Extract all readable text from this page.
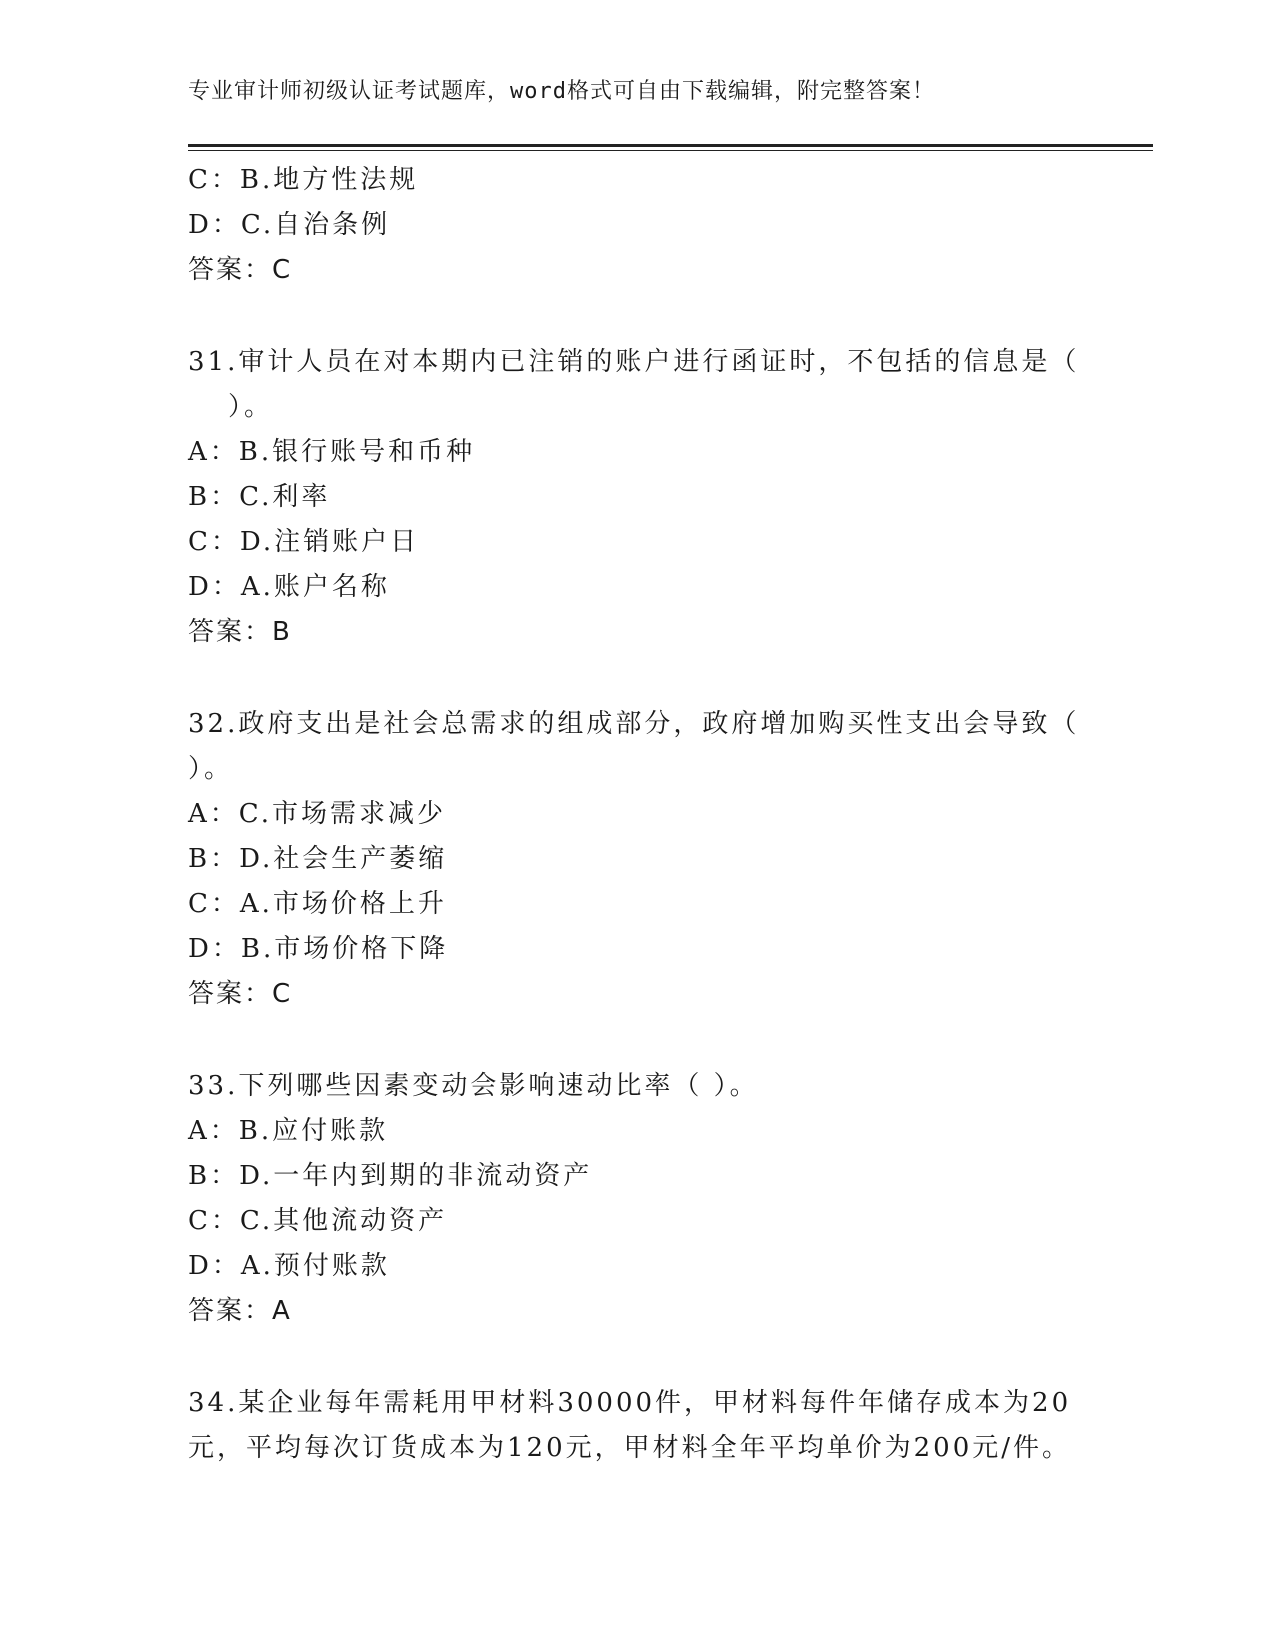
专业审计师初级认证考试题库，word格式可自由下载编辑，附完整答案！
C：B.地方性法规
D：C.自治条例
答案：C
31.审计人员在对本期内已注销的账户进行函证时，不包括的信息是（
）。
A：B.银行账号和币种
B：C.利率
C：D.注销账户日
D：A.账户名称
答案：B
32.政府支出是社会总需求的组成部分，政府增加购买性支出会导致（
）。
A：C.市场需求减少
B：D.社会生产萎缩
C：A.市场价格上升
D：B.市场价格下降
答案：C
33.下列哪些因素变动会影响速动比率（ ）。
A：B.应付账款
B：D.一年内到期的非流动资产
C：C.其他流动资产
D：A.预付账款
答案：A
34.某企业每年需耗用甲材料30000件，甲材料每件年储存成本为20
元，平均每次订货成本为120元，甲材料全年平均单价为200元/件。
